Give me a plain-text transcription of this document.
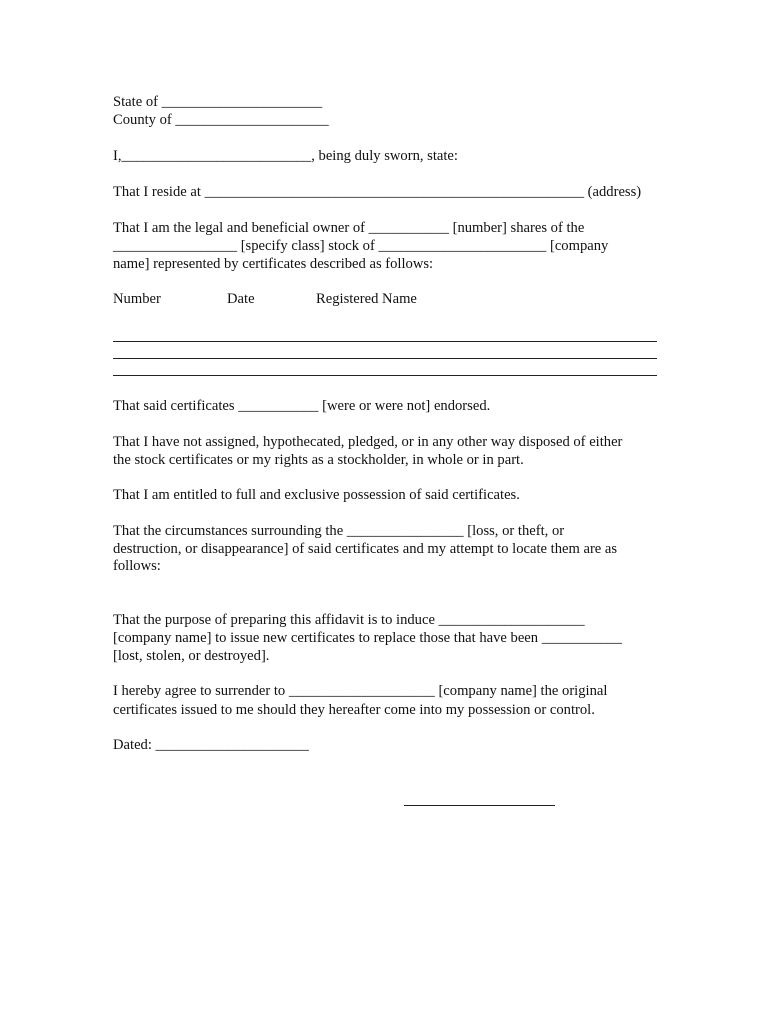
State of ______________________
County of _____________________
I,__________________________, being duly sworn, state:
That I reside at ____________________________________________________ (address)
That I am the legal and beneficial owner of ___________ [number] shares of the
_________________ [specify class] stock of _______________________ [company
name] represented by certificates described as follows:
Number	Date	Registered Name
That said certificates ___________ [were or were not] endorsed.
That I have not assigned, hypothecated, pledged, or in any other way disposed of either
the stock certificates or my rights as a stockholder, in whole or in part.
That I am entitled to full and exclusive possession of said certificates.
That the circumstances surrounding the ________________ [loss, or theft, or
destruction, or disappearance] of said certificates and my attempt to locate them are as
follows:
That the purpose of preparing this affidavit is to induce ____________________
[company name] to issue new certificates to replace those that have been ___________
[lost, stolen, or destroyed].
I hereby agree to surrender to ____________________ [company name] the original
certificates issued to me should they hereafter come into my possession or control.
Dated: _____________________
